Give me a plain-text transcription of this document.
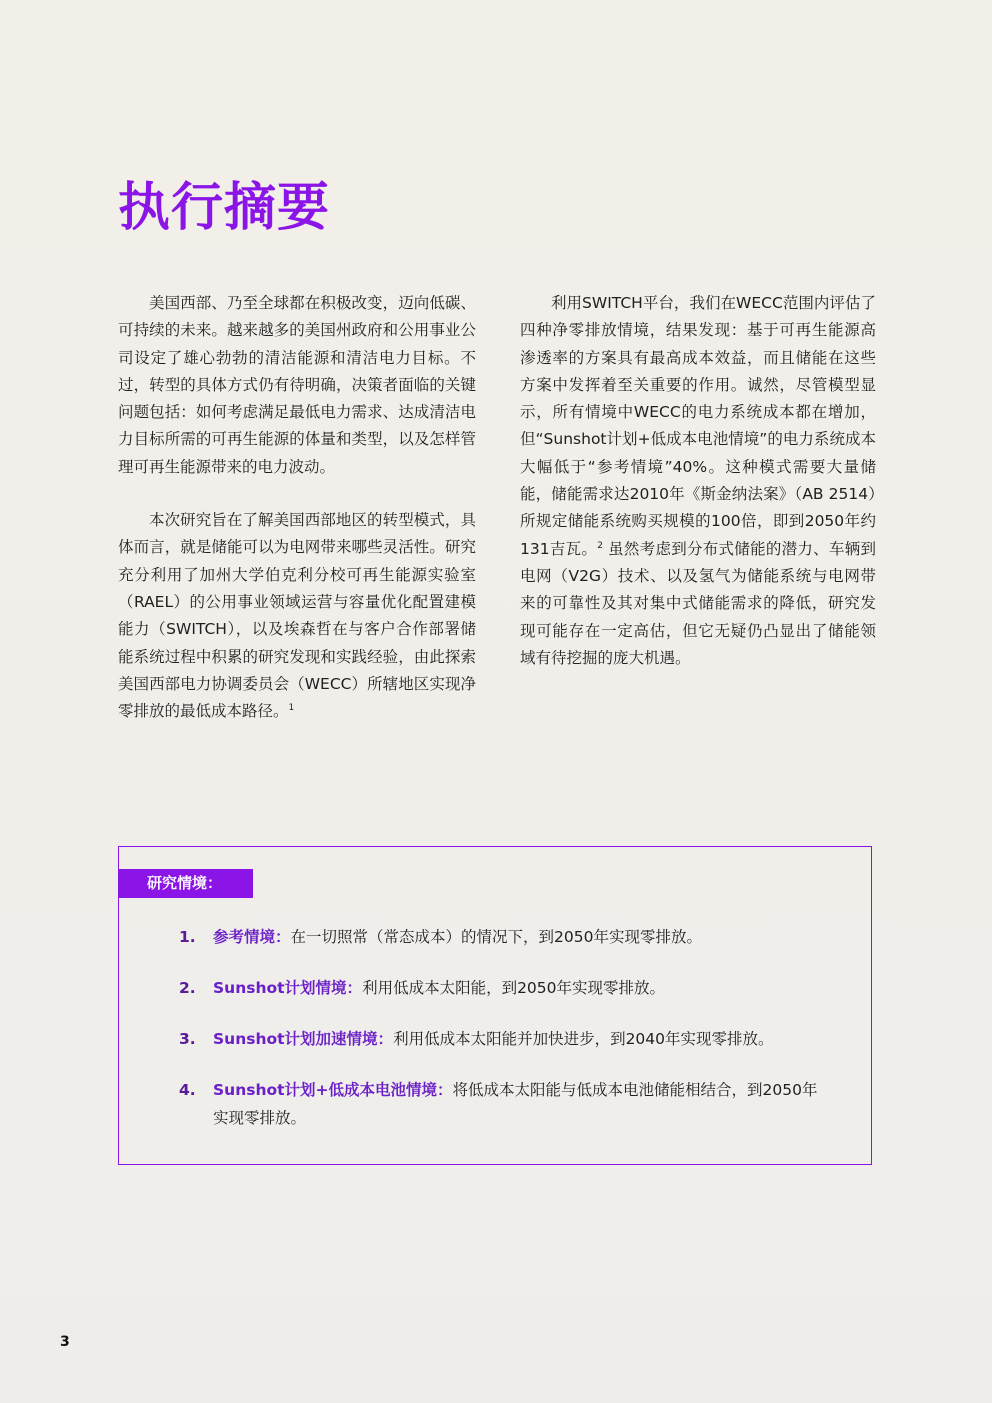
执行摘要

美国西部、乃至全球都在积极改变，迈向低碳、可持续的未来。越来越多的美国州政府和公用事业公司设定了雄心勃勃的清洁能源和清洁电力目标。不过，转型的具体方式仍有待明确，决策者面临的关键问题包括：如何考虑满足最低电力需求、达成清洁电力目标所需的可再生能源的体量和类型，以及怎样管理可再生能源带来的电力波动。

本次研究旨在了解美国西部地区的转型模式，具体而言，就是储能可以为电网带来哪些灵活性。研究充分利用了加州大学伯克利分校可再生能源实验室（RAEL）的公用事业领域运营与容量优化配置建模能力（SWITCH），以及埃森哲在与客户合作部署储能系统过程中积累的研究发现和实践经验，由此探索美国西部电力协调委员会（WECC）所辖地区实现净零排放的最低成本路径。$^1$

利用SWITCH平台，我们在WECC范围内评估了四种净零排放情境，结果发现：基于可再生能源高渗透率的方案具有最高成本效益，而且储能在这些方案中发挥着至关重要的作用。诚然，尽管模型显示，所有情境中WECC的电力系统成本都在增加，但“Sunshot计划+低成本电池情境”的电力系统成本大幅低于“参考情境”40%。这种模式需要大量储能，储能需求达2010年《斯金纳法案》（AB 2514）所规定储能系统购买规模的100倍，即到2050年约131吉瓦。$^2$ 虽然考虑到分布式储能的潜力、车辆到电网（V2G）技术、以及氢气为储能系统与电网带来的可靠性及其对集中式储能需求的降低，研究发现可能存在一定高估，但它无疑仍凸显出了储能领域有待挖掘的庞大机遇。

研究情境：
1. 参考情境：在一切照常（常态成本）的情况下，到2050年实现零排放。
2. Sunshot计划情境：利用低成本太阳能，到2050年实现零排放。
3. Sunshot计划加速情境：利用低成本太阳能并加快进步，到2040年实现零排放。
4. Sunshot计划+低成本电池情境：将低成本太阳能与低成本电池储能相结合，到2050年实现零排放。
3
